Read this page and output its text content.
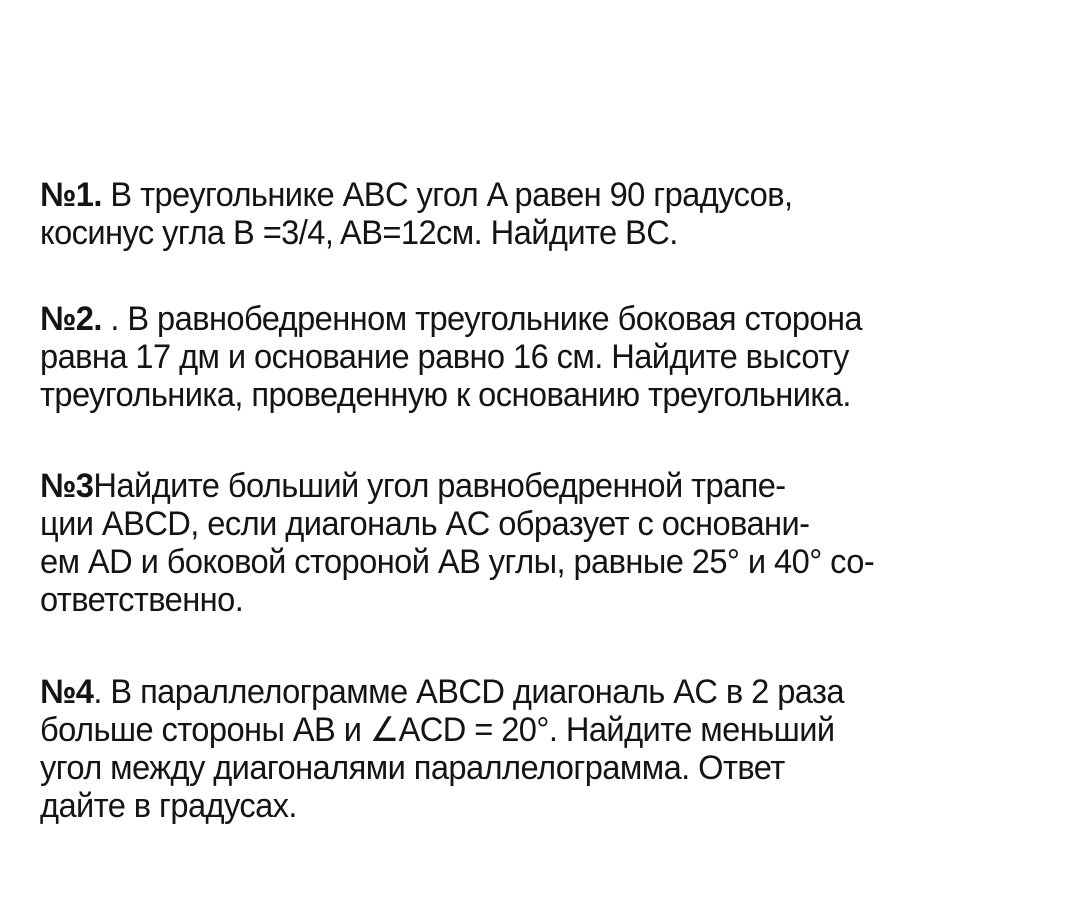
№1. В треугольнике ABC угол A равен 90 градусов,
косинус угла B =3/4, AB=12см. Найдите BC.
№2. . В равнобедренном треугольнике боковая сторона
равна 17 дм и основание равно 16 см. Найдите высоту
треугольника, проведенную к основанию треугольника.
№3Найдите больший угол равнобедренной трапе-
ции ABCD, если диагональ AC образует с основани-
ем AD и боковой стороной AB углы, равные 25° и 40° со-
ответственно.
№4. В параллелограмме ABCD диагональ AC в 2 раза
больше стороны AB и ∠ACD = 20°. Найдите меньший
угол между диагоналями параллелограмма. Ответ
дайте в градусах.
